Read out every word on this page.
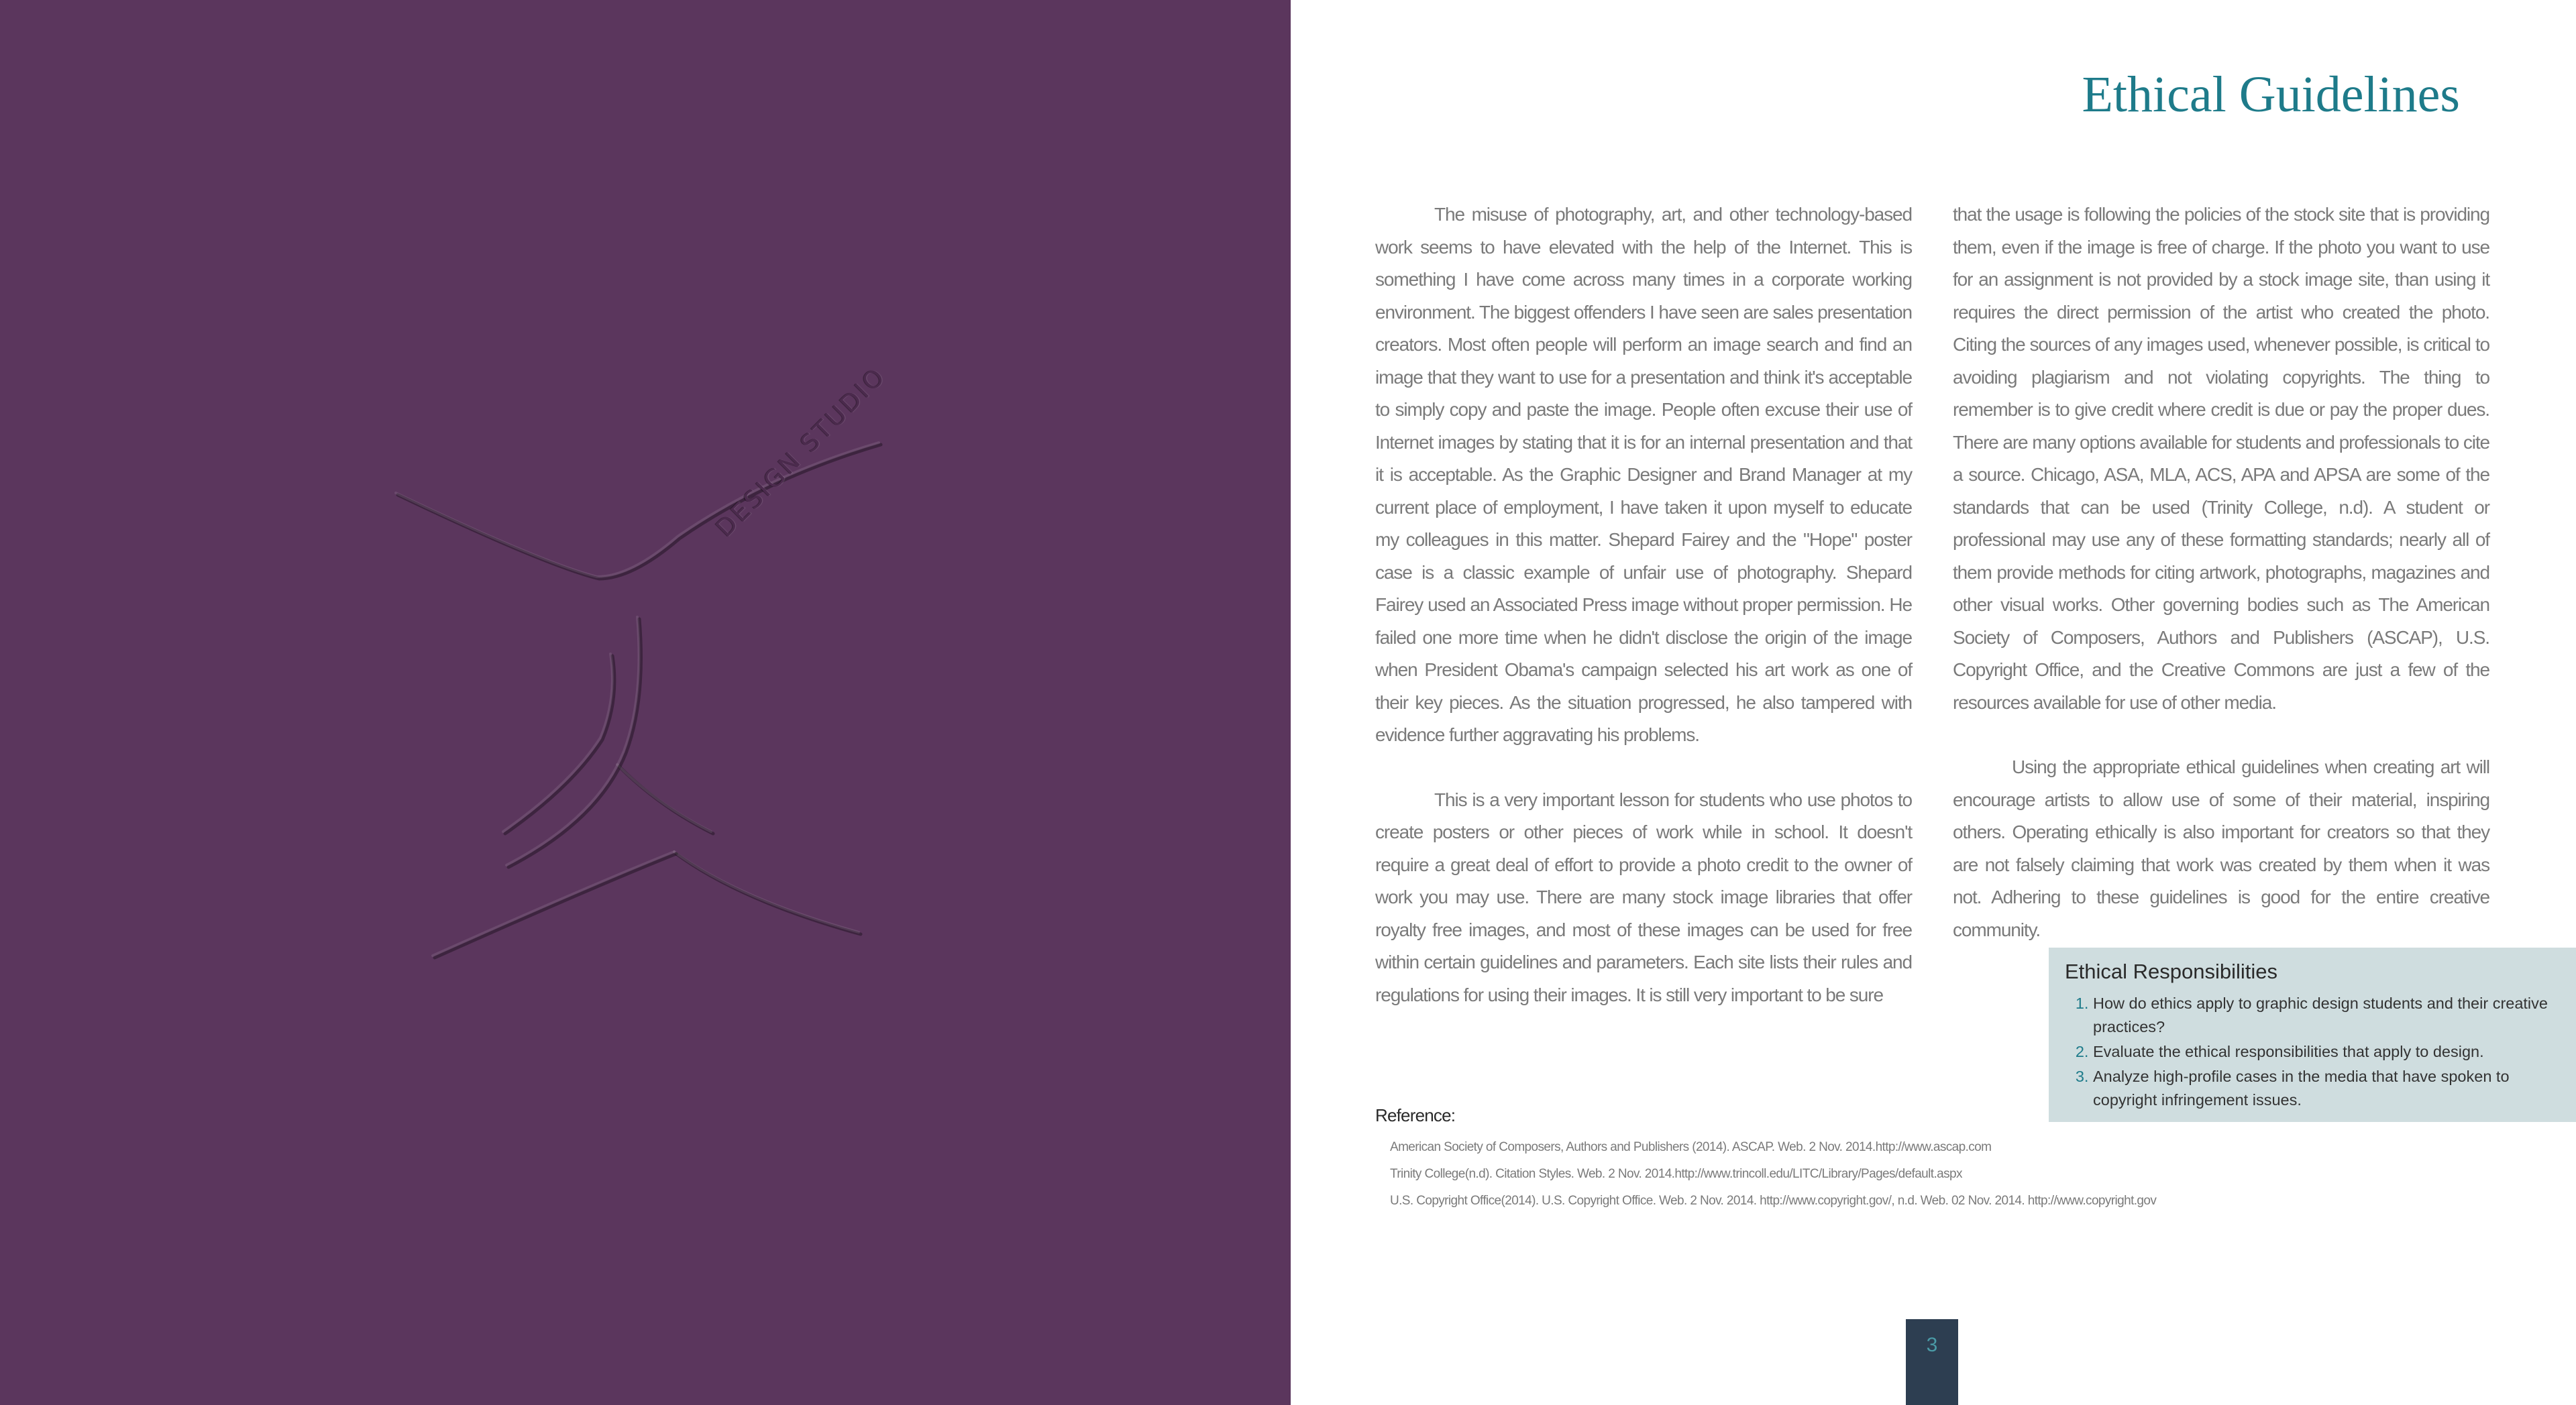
DESIGN STUDIO
Ethical Guidelines

The misuse of photography, art, and other technology-based work seems to have elevated with the help of the Internet. This is something I have come across many times in a corporate working environment. The biggest offenders I have seen are sales presentation creators. Most often people will perform an image search and find an image that they want to use for a presentation and think it's acceptable to simply copy and paste the image. People often excuse their use of Internet images by stating that it is for an internal presentation and that it is acceptable. As the Graphic Designer and Brand Manager at my current place of employment, I have taken it upon myself to educate my colleagues in this matter. Shepard Fairey and the "Hope" poster case is a classic example of unfair use of photography. Shepard Fairey used an Associated Press image without proper permission. He failed one more time when he didn't disclose the origin of the image when President Obama's campaign selected his art work as one of their key pieces. As the situation progressed, he also tampered with evidence further aggravating his problems.

This is a very important lesson for students who use photos to create posters or other pieces of work while in school. It doesn't require a great deal of effort to provide a photo credit to the owner of work you may use. There are many stock image libraries that offer royalty free images, and most of these images can be used for free within certain guidelines and parameters. Each site lists their rules and regulations for using their images. It is still very important to be sure

that the usage is following the policies of the stock site that is providing them, even if the image is free of charge. If the photo you want to use for an assignment is not provided by a stock image site, than using it requires the direct permission of the artist who created the photo. Citing the sources of any images used, whenever possible, is critical to avoiding plagiarism and not violating copyrights. The thing to remember is to give credit where credit is due or pay the proper dues. There are many options available for students and professionals to cite a source. Chicago, ASA, MLA, ACS, APA and APSA are some of the standards that can be used (Trinity College, n.d). A student or professional may use any of these formatting standards; nearly all of them provide methods for citing artwork, photographs, magazines and other visual works. Other governing bodies such as The American Society of Composers, Authors and Publishers (ASCAP), U.S. Copyright Office, and the Creative Commons are just a few of the resources available for use of other media.

Using the appropriate ethical guidelines when creating art will encourage artists to allow use of some of their material, inspiring others. Operating ethically is also important for creators so that they are not falsely claiming that work was created by them when it was not. Adhering to these guidelines is good for the entire creative community.

Ethical Responsibilities
1. How do ethics apply to graphic design students and their creative practices?
2. Evaluate the ethical responsibilities that apply to design.
3. Analyze high-profile cases in the media that have spoken to copyright infringement issues.
Reference:
American Society of Composers, Authors and Publishers (2014). ASCAP. Web. 2 Nov. 2014.http://www.ascap.com
Trinity College(n.d). Citation Styles. Web. 2 Nov. 2014.http://www.trincoll.edu/LITC/Library/Pages/default.aspx
U.S. Copyright Office(2014). U.S. Copyright Office. Web. 2 Nov. 2014. http://www.copyright.gov/, n.d. Web. 02 Nov. 2014. http://www.copyright.gov
3
